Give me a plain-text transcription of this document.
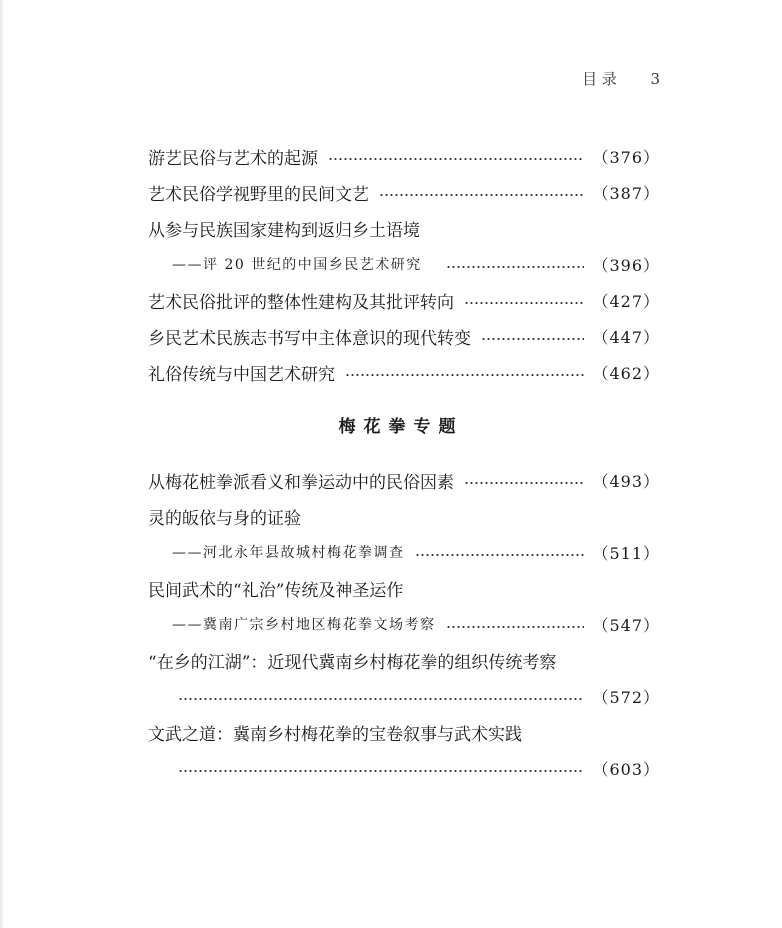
目 录 3
游艺民俗与艺术的起源	（376）
艺术民俗学视野里的民间文艺	（387）
从参与民族国家建构到返归乡土语境
——评 20 世纪的中国乡民艺术研究	（396）
艺术民俗批评的整体性建构及其批评转向	（427）
乡民艺术民族志书写中主体意识的现代转变	（447）
礼俗传统与中国艺术研究	（462）
梅花拳专题
从梅花桩拳派看义和拳运动中的民俗因素	（493）
灵的皈依与身的证验
——河北永年县故城村梅花拳调查	（511）
民间武术的“礼治”传统及神圣运作
——冀南广宗乡村地区梅花拳文场考察	（547）
“在乡的江湖”：近现代冀南乡村梅花拳的组织传统考察
（572）
文武之道：冀南乡村梅花拳的宝卷叙事与武术实践
（603）
